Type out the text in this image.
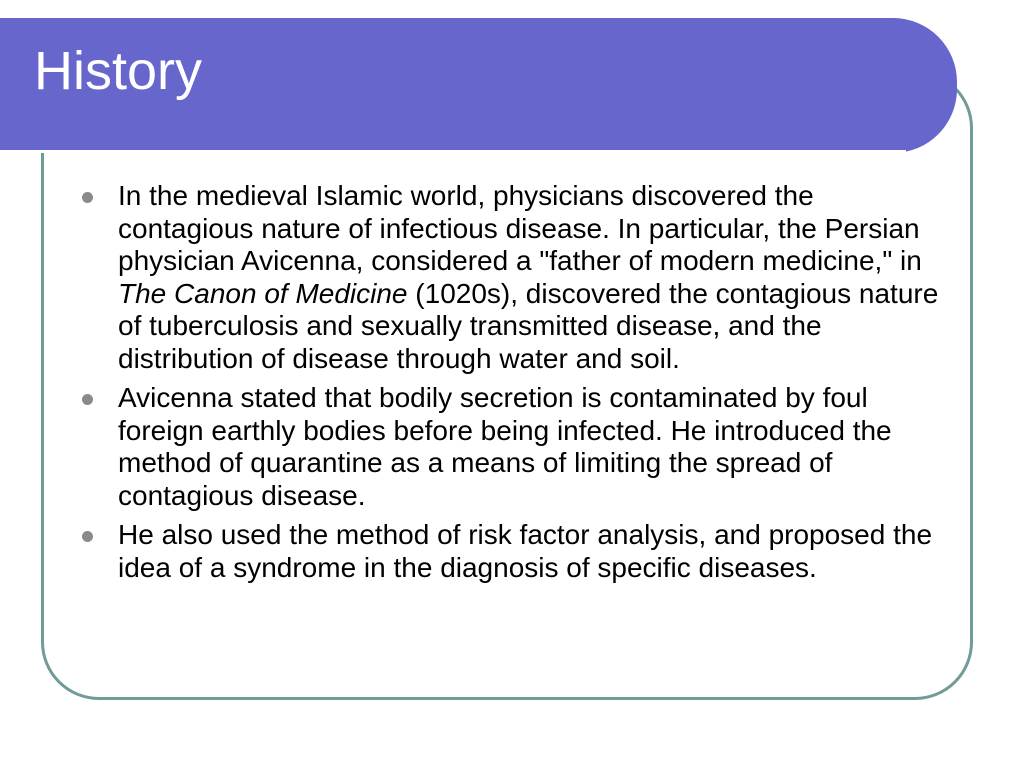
History
In the medieval Islamic world, physicians discovered the contagious nature of infectious disease. In particular, the Persian physician Avicenna, considered a "father of modern medicine," in The Canon of Medicine (1020s), discovered the contagious nature of tuberculosis and sexually transmitted disease, and the distribution of disease through water and soil.
Avicenna stated that bodily secretion is contaminated by foul foreign earthly bodies before being infected. He introduced the method of quarantine as a means of limiting the spread of contagious disease.
He also used the method of risk factor analysis, and proposed the idea of a syndrome in the diagnosis of specific diseases.
